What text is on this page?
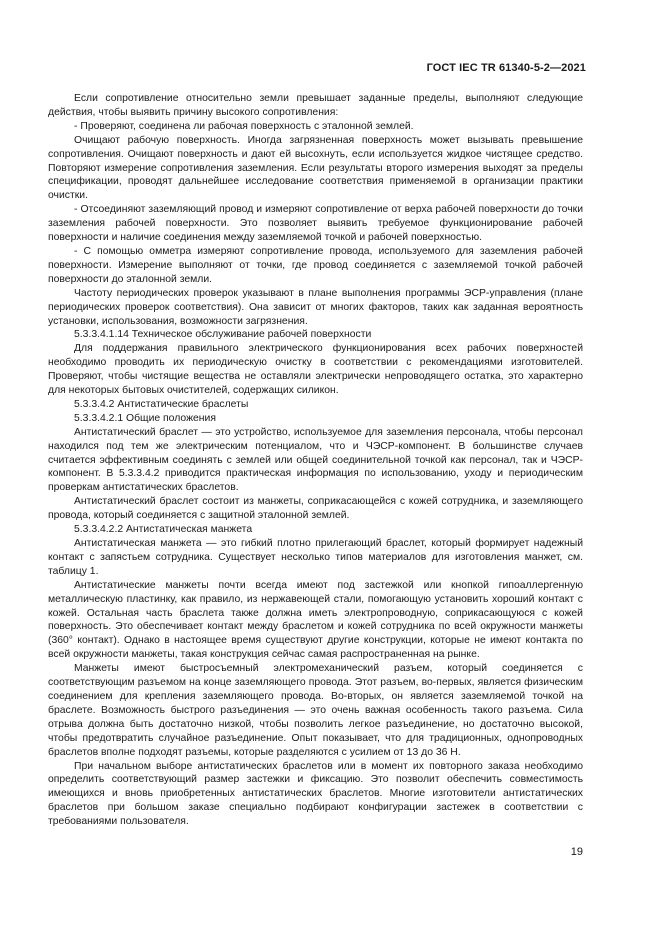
ГОСТ IEC TR 61340-5-2—2021

Если сопротивление относительно земли превышает заданные пределы, выполняют следующие действия, чтобы выявить причину высокого сопротивления:

- Проверяют, соединена ли рабочая поверхность с эталонной землей.

Очищают рабочую поверхность. Иногда загрязненная поверхность может вызывать превышение сопротивления. Очищают поверхность и дают ей высохнуть, если используется жидкое чистящее средство. Повторяют измерение сопротивления заземления. Если результаты второго измерения выходят за пределы спецификации, проводят дальнейшее исследование соответствия применяемой в организации практики очистки.

- Отсоединяют заземляющий провод и измеряют сопротивление от верха рабочей поверхности до точки заземления рабочей поверхности. Это позволяет выявить требуемое функционирование рабочей поверхности и наличие соединения между заземляемой точкой и рабочей поверхностью.

- С помощью омметра измеряют сопротивление провода, используемого для заземления рабочей поверхности. Измерение выполняют от точки, где провод соединяется с заземляемой точкой рабочей поверхности до эталонной земли.

Частоту периодических проверок указывают в плане выполнения программы ЭСР-управления (плане периодических проверок соответствия). Она зависит от многих факторов, таких как заданная вероятность установки, использования, возможности загрязнения.

5.3.3.4.1.14 Техническое обслуживание рабочей поверхности

Для поддержания правильного электрического функционирования всех рабочих поверхностей необходимо проводить их периодическую очистку в соответствии с рекомендациями изготовителей. Проверяют, чтобы чистящие вещества не оставляли электрически непроводящего остатка, это характерно для некоторых бытовых очистителей, содержащих силикон.

5.3.3.4.2 Антистатические браслеты

5.3.3.4.2.1 Общие положения

Антистатический браслет — это устройство, используемое для заземления персонала, чтобы персонал находился под тем же электрическим потенциалом, что и ЧЭСР-компонент. В большинстве случаев считается эффективным соединять с землей или общей соединительной точкой как персонал, так и ЧЭСР-компонент. В 5.3.3.4.2 приводится практическая информация по использованию, уходу и периодическим проверкам антистатических браслетов.

Антистатический браслет состоит из манжеты, соприкасающейся с кожей сотрудника, и заземляющего провода, который соединяется с защитной эталонной землей.

5.3.3.4.2.2 Антистатическая манжета

Антистатическая манжета — это гибкий плотно прилегающий браслет, который формирует надежный контакт с запястьем сотрудника. Существует несколько типов материалов для изготовления манжет, см. таблицу 1.

Антистатические манжеты почти всегда имеют под застежкой или кнопкой гипоаллергенную металлическую пластинку, как правило, из нержавеющей стали, помогающую установить хороший контакт с кожей. Остальная часть браслета также должна иметь электропроводную, соприкасающуюся с кожей поверхность. Это обеспечивает контакт между браслетом и кожей сотрудника по всей окружности манжеты (360° контакт). Однако в настоящее время существуют другие конструкции, которые не имеют контакта по всей окружности манжеты, такая конструкция сейчас самая распространенная на рынке.

Манжеты имеют быстросъемный электромеханический разъем, который соединяется с соответствующим разъемом на конце заземляющего провода. Этот разъем, во-первых, является физическим соединением для крепления заземляющего провода. Во-вторых, он является заземляемой точкой на браслете. Возможность быстрого разъединения — это очень важная особенность такого разъема. Сила отрыва должна быть достаточно низкой, чтобы позволить легкое разъединение, но достаточно высокой, чтобы предотвратить случайное разъединение. Опыт показывает, что для традиционных, однопроводных браслетов вполне подходят разъемы, которые разделяются с усилием от 13 до 36 Н.

При начальном выборе антистатических браслетов или в момент их повторного заказа необходимо определить соответствующий размер застежки и фиксацию. Это позволит обеспечить совместимость имеющихся и вновь приобретенных антистатических браслетов. Многие изготовители антистатических браслетов при большом заказе специально подбирают конфигурации застежек в соответствии с требованиями пользователя.

19
